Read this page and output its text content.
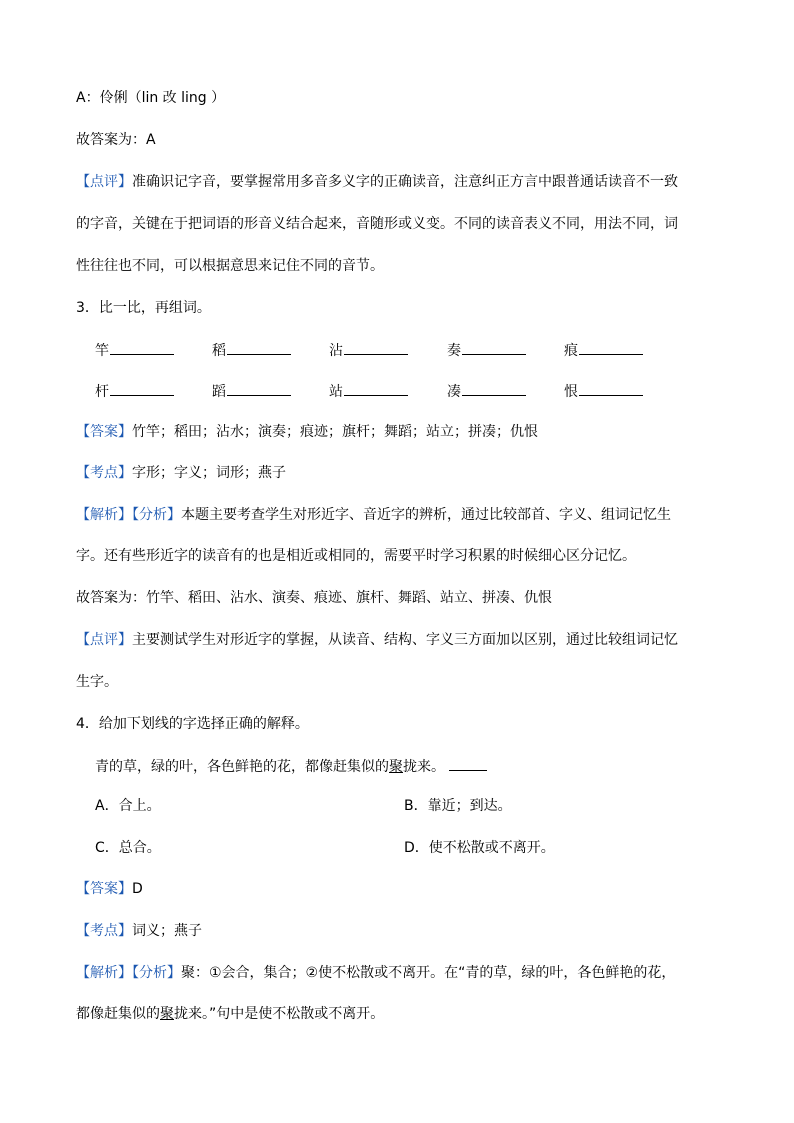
A：伶俐（lin 改 ling ）
故答案为：A
【点评】准确识记字音，要掌握常用多音多义字的正确读音，注意纠正方言中跟普通话读音不一致
的字音，关键在于把词语的形音义结合起来，音随形或义变。不同的读音表义不同，用法不同，词
性往往也不同，可以根据意思来记住不同的音节。
3．比一比，再组词。
竿	稻	沾	奏	痕
杆	蹈	站	凑	恨
【答案】竹竿；稻田；沾水；演奏；痕迹；旗杆；舞蹈；站立；拼凑；仇恨
【考点】字形；字义；词形；燕子
【解析】【分析】本题主要考查学生对形近字、音近字的辨析，通过比较部首、字义、组词记忆生
字。还有些形近字的读音有的也是相近或相同的，需要平时学习积累的时候细心区分记忆。
故答案为：竹竿、稻田、沾水、演奏、痕迹、旗杆、舞蹈、站立、拼凑、仇恨
【点评】主要测试学生对形近字的掌握，从读音、结构、字义三方面加以区别，通过比较组词记忆
生字。
4．给加下划线的字选择正确的解释。
青的草，绿的叶，各色鲜艳的花，都像赶集似的聚拢来。
A．合上。	B．靠近；到达。
C．总合。	D．使不松散或不离开。
【答案】D
【考点】词义；燕子
【解析】【分析】聚：①会合，集合；②使不松散或不离开。在“青的草，绿的叶，各色鲜艳的花，
都像赶集似的聚拢来。”句中是使不松散或不离开。
